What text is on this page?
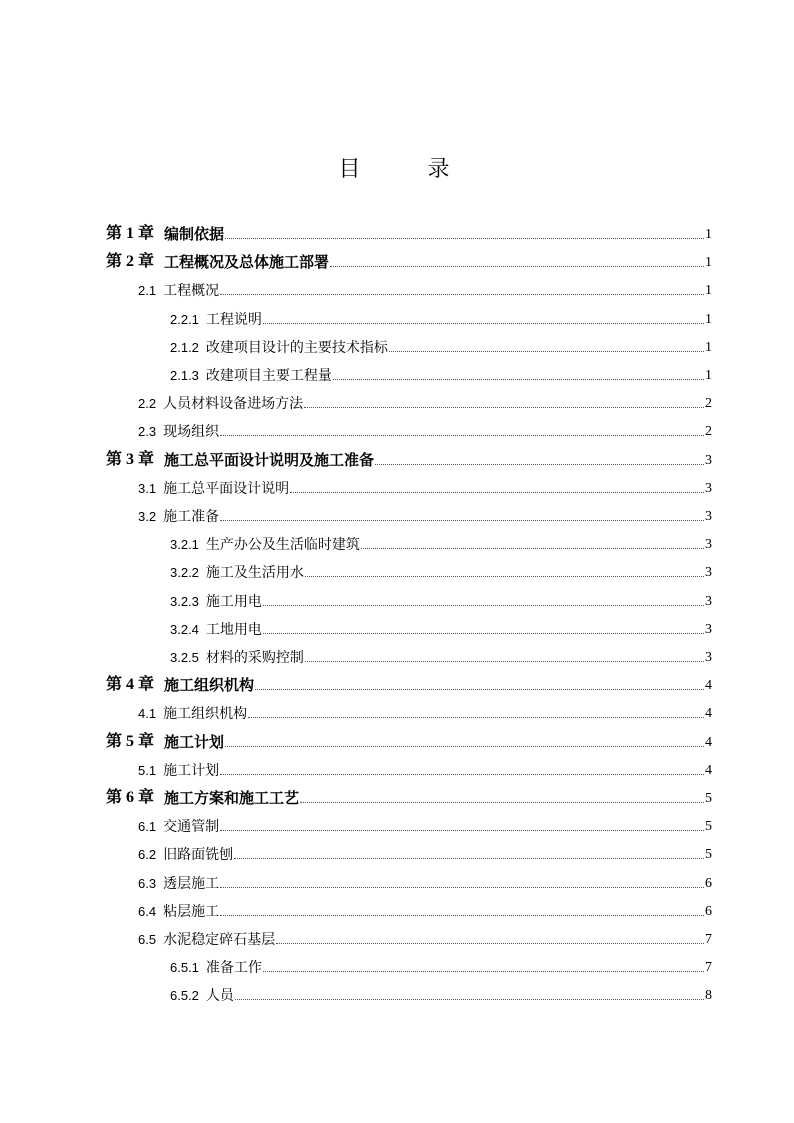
目 录
第 1 章 编制依据	1
第 2 章 工程概况及总体施工部署	1
2.1 工程概况	1
2.2.1 工程说明	1
2.1.2 改建项目设计的主要技术指标	1
2.1.3 改建项目主要工程量	1
2.2 人员材料设备进场方法	2
2.3 现场组织	2
第 3 章 施工总平面设计说明及施工准备	3
3.1 施工总平面设计说明	3
3.2 施工准备	3
3.2.1 生产办公及生活临时建筑	3
3.2.2 施工及生活用水	3
3.2.3 施工用电	3
3.2.4 工地用电	3
3.2.5 材料的采购控制	3
第 4 章 施工组织机构	4
4.1 施工组织机构	4
第 5 章 施工计划	4
5.1 施工计划	4
第 6 章 施工方案和施工工艺	5
6.1 交通管制	5
6.2 旧路面铣刨	5
6.3 透层施工	6
6.4 粘层施工	6
6.5 水泥稳定碎石基层	7
6.5.1 准备工作	7
6.5.2 人员	8
